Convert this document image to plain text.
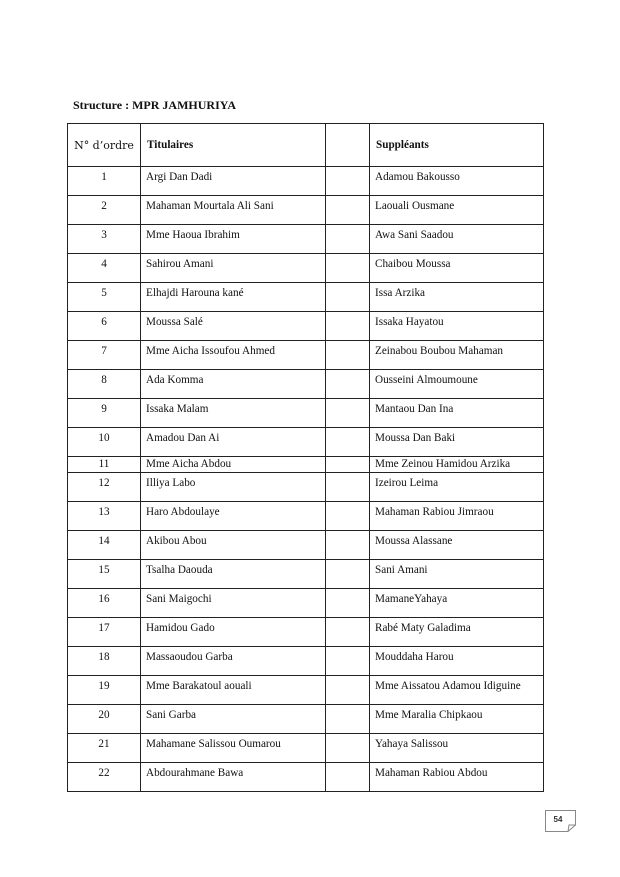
Structure : MPR JAMHURIYA
N° d’ordre	Titulaires		Suppléants

1	Argi Dan Dadi		Adamou Bakousso

2	Mahaman Mourtala Ali Sani		Laouali Ousmane

3	Mme Haoua Ibrahim		Awa Sani Saadou

4	Sahirou Amani		Chaibou Moussa

5	Elhajdi Harouna kané		Issa Arzika

6	Moussa Salé		Issaka Hayatou

7	Mme Aicha Issoufou Ahmed		Zeinabou Boubou Mahaman

8	Ada Komma		Ousseini Almoumoune

9	Issaka Malam		Mantaou Dan Ina

10	Amadou Dan Ai		Moussa Dan Baki

11	Mme Aicha Abdou		Mme Zeinou Hamidou Arzika

12	Illiya Labo		Izeirou Leima

13	Haro Abdoulaye		Mahaman Rabiou Jimraou

14	Akibou Abou		Moussa Alassane

15	Tsalha Daouda		Sani Amani

16	Sani Maigochi		MamaneYahaya

17	Hamidou Gado		Rabé Maty Galadima

18	Massaoudou Garba		Mouddaha Harou

19	Mme Barakatoul aouali		Mme Aissatou Adamou Idiguine

20	Sani Garba		Mme Maralia Chipkaou

21	Mahamane Salissou Oumarou		Yahaya Salissou

22	Abdourahmane Bawa		Mahaman Rabiou Abdou
54
